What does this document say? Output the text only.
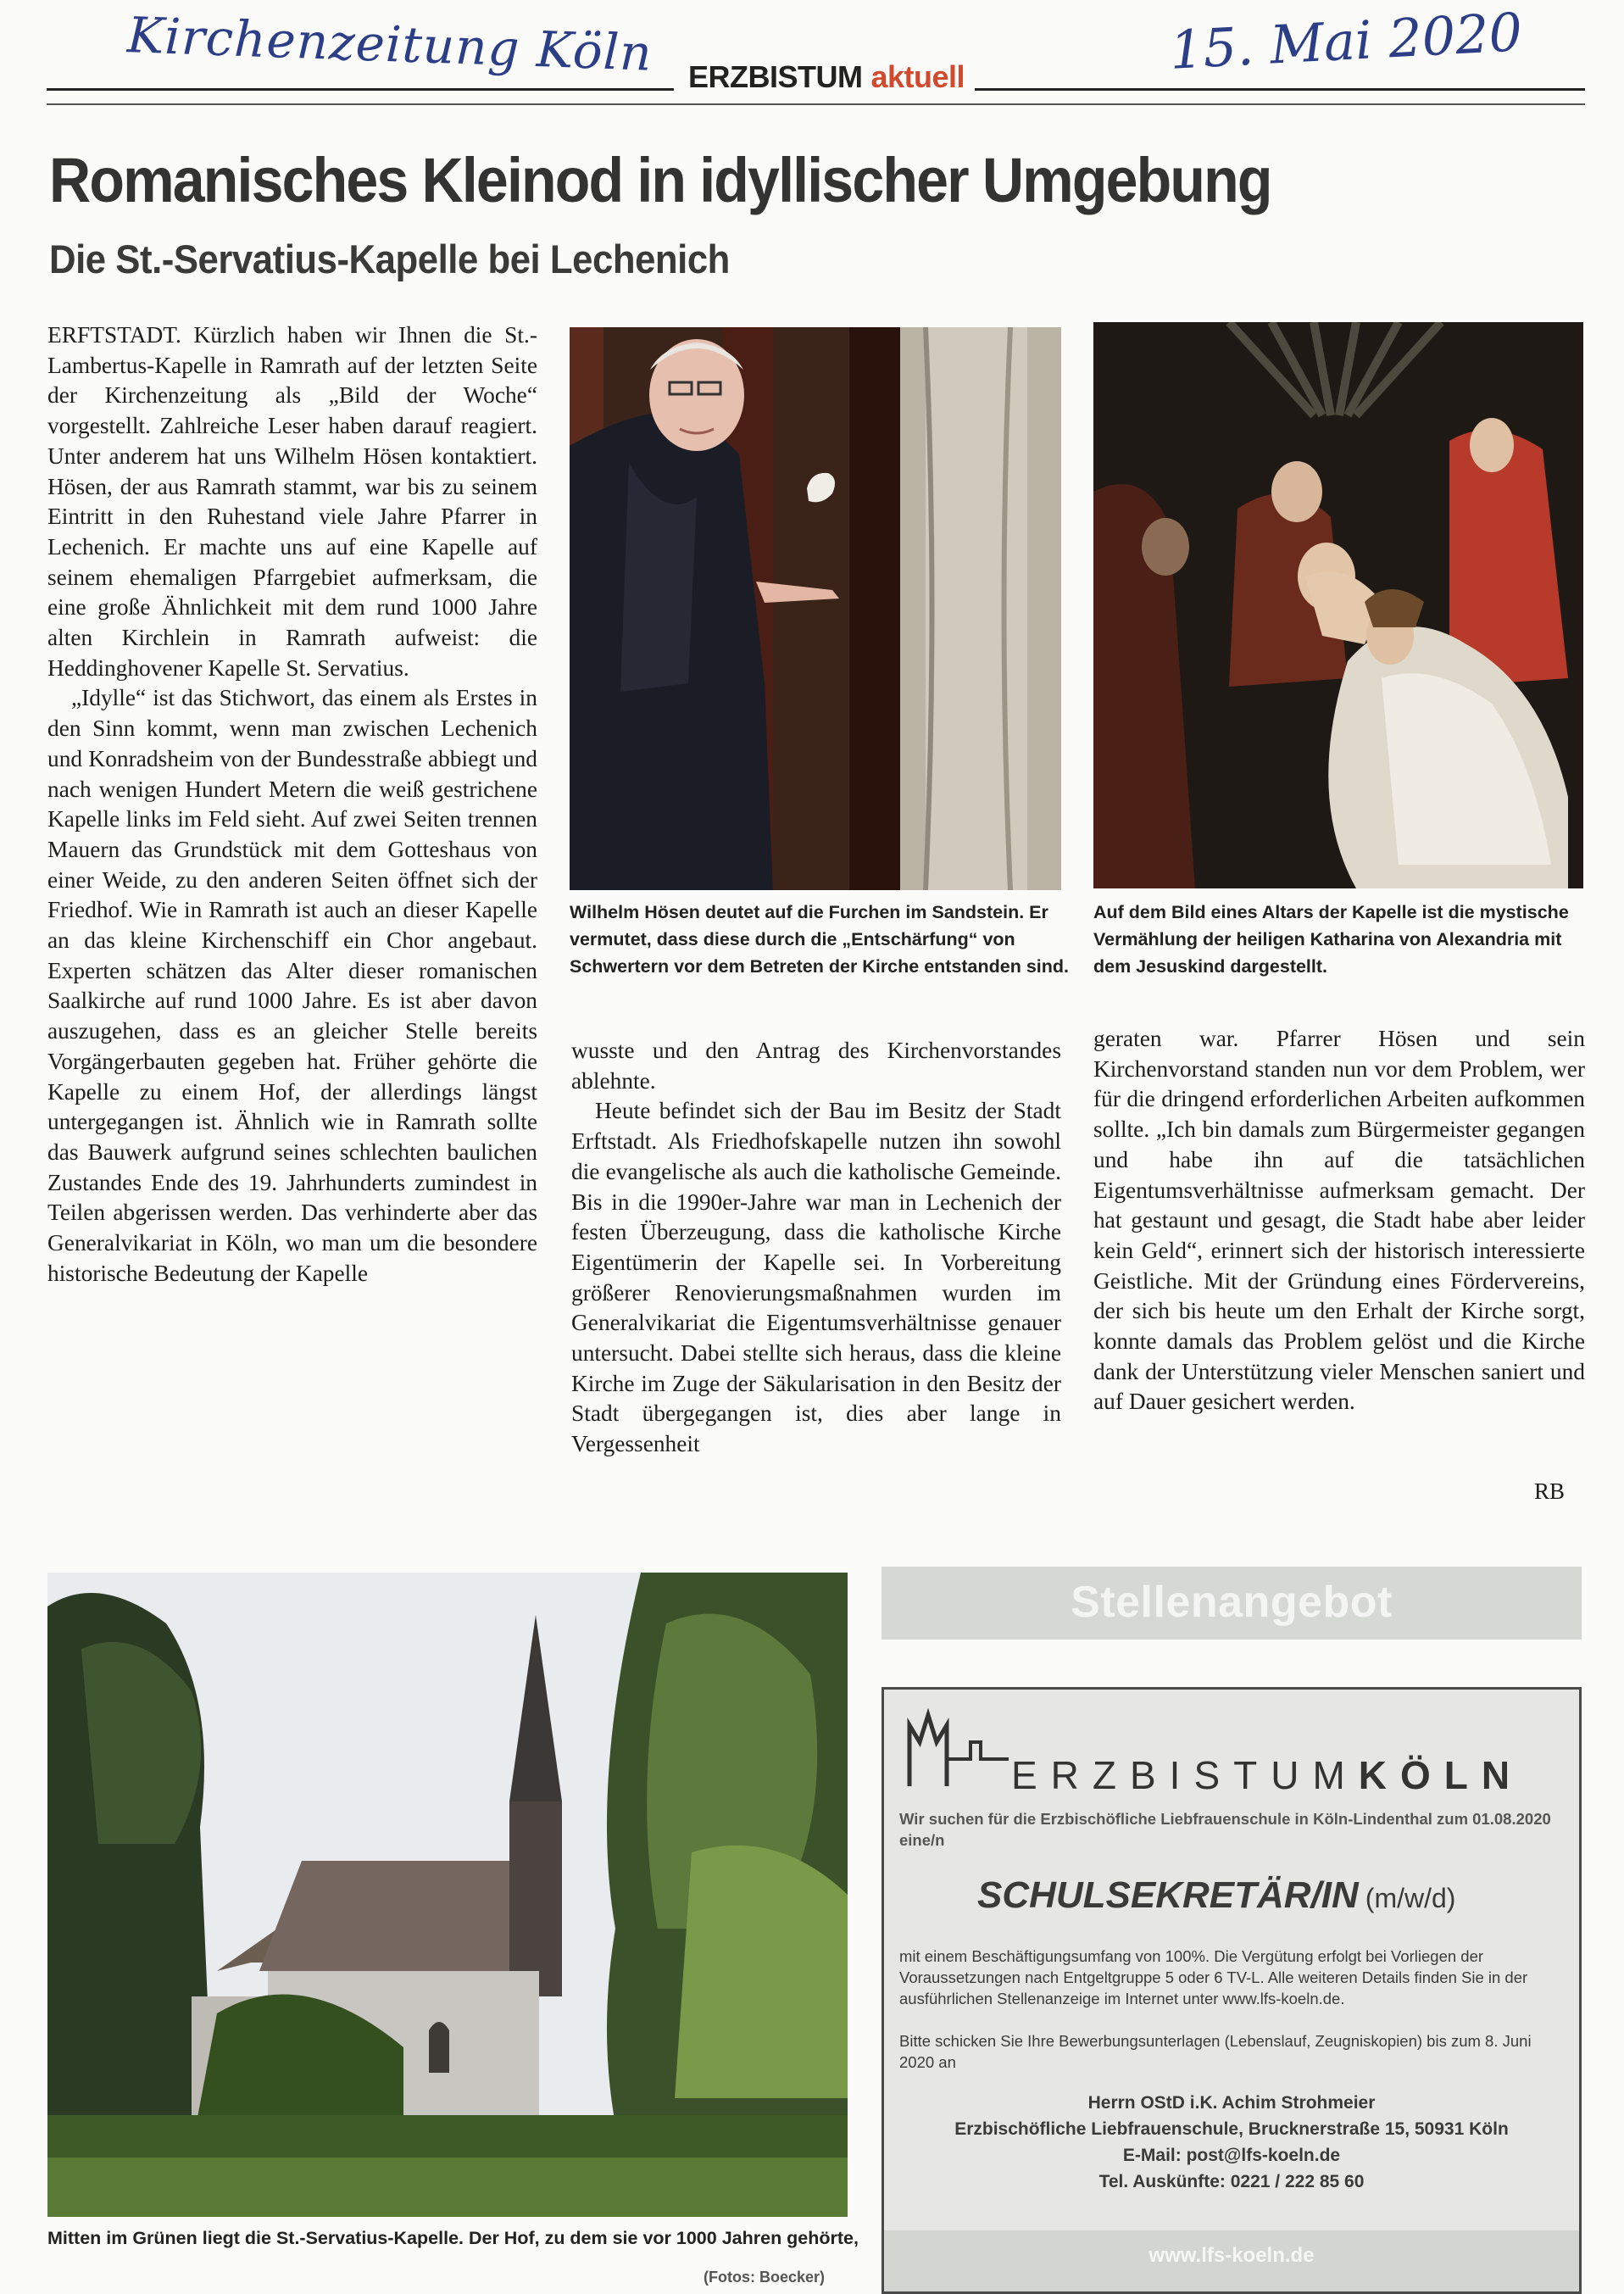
Kirchenzeitung Köln	15. Mai 2020
ERZBISTUM aktuell
Romanisches Kleinod in idyllischer Umgebung
Die St.-Servatius-Kapelle bei Lechenich

ERFTSTADT. Kürzlich haben wir Ihnen die St.-Lambertus-Kapelle in Ramrath auf der letzten Seite der Kirchenzeitung als „Bild der Woche“ vorgestellt. Zahlreiche Leser haben darauf reagiert. Unter anderem hat uns Wilhelm Hösen kontaktiert. Hösen, der aus Ramrath stammt, war bis zu seinem Eintritt in den Ruhestand viele Jahre Pfarrer in Lechenich. Er machte uns auf eine Kapelle auf seinem ehemaligen Pfarrgebiet aufmerksam, die eine große Ähnlichkeit mit dem rund 1000 Jahre alten Kirchlein in Ramrath aufweist: die Heddinghovener Kapelle St. Servatius.

„Idylle“ ist das Stichwort, das einem als Erstes in den Sinn kommt, wenn man zwischen Lechenich und Konradsheim von der Bundesstraße abbiegt und nach wenigen Hundert Metern die weiß gestrichene Kapelle links im Feld sieht. Auf zwei Seiten trennen Mauern das Grundstück mit dem Gotteshaus von einer Weide, zu den anderen Seiten öffnet sich der Friedhof. Wie in Ramrath ist auch an dieser Kapelle an das kleine Kirchenschiff ein Chor angebaut. Experten schätzen das Alter dieser romanischen Saalkirche auf rund 1000 Jahre. Es ist aber davon auszugehen, dass es an gleicher Stelle bereits Vorgängerbauten gegeben hat. Früher gehörte die Kapelle zu einem Hof, der allerdings längst untergegangen ist. Ähnlich wie in Ramrath sollte das Bauwerk aufgrund seines schlechten baulichen Zustandes Ende des 19. Jahrhunderts zumindest in Teilen abgerissen werden. Das verhinderte aber das Generalvikariat in Köln, wo man um die besondere historische Bedeutung der Kapelle

Wilhelm Hösen deutet auf die Furchen im Sandstein. Er vermutet, dass diese durch die „Entschärfung“ von Schwertern vor dem Betreten der Kirche entstanden sind.
Auf dem Bild eines Altars der Kapelle ist die mystische Vermählung der heiligen Katharina von Alexandria mit dem Jesuskind dargestellt.

wusste und den Antrag des Kirchenvorstandes ablehnte.

Heute befindet sich der Bau im Besitz der Stadt Erftstadt. Als Friedhofskapelle nutzen ihn sowohl die evangelische als auch die katholische Gemeinde. Bis in die 1990er-Jahre war man in Lechenich der festen Überzeugung, dass die katholische Kirche Eigentümerin der Kapelle sei. In Vorbereitung größerer Renovierungsmaßnahmen wurden im Generalvikariat die Eigentumsverhältnisse genauer untersucht. Dabei stellte sich heraus, dass die kleine Kirche im Zuge der Säkularisation in den Besitz der Stadt übergegangen ist, dies aber lange in Vergessenheit

geraten war. Pfarrer Hösen und sein Kirchenvorstand standen nun vor dem Problem, wer für die dringend erforderlichen Arbeiten aufkommen sollte. „Ich bin damals zum Bürgermeister gegangen und habe ihn auf die tatsächlichen Eigentumsverhältnisse aufmerksam gemacht. Der hat gestaunt und gesagt, die Stadt habe aber leider kein Geld“, erinnert sich der historisch interessierte Geistliche. Mit der Gründung eines Fördervereins, der sich bis heute um den Erhalt der Kirche sorgt, konnte damals das Problem gelöst und die Kirche dank der Unterstützung vieler Menschen saniert und auf Dauer gesichert werden.

RB
Mitten im Grünen liegt die St.-Servatius-Kapelle. Der Hof, zu dem sie vor 1000 Jahren gehörte,
(Fotos: Boecker)
Stellenangebot
ERZBISTUMKÖLN
Wir suchen für die Erzbischöfliche Liebfrauenschule in Köln-Lindenthal zum 01.08.2020 eine/n
SCHULSEKRETÄR/IN (m/w/d)
mit einem Beschäftigungsumfang von 100%. Die Vergütung erfolgt bei Vorliegen der Voraussetzungen nach Entgeltgruppe 5 oder 6 TV-L. Alle weiteren Details finden Sie in der ausführlichen Stellenanzeige im Internet unter www.lfs-koeln.de.
Bitte schicken Sie Ihre Bewerbungsunterlagen (Lebenslauf, Zeugniskopien) bis zum 8. Juni 2020 an
Herrn OStD i.K. Achim Strohmeier
Erzbischöfliche Liebfrauenschule, Brucknerstraße 15, 50931 Köln
E-Mail: post@lfs-koeln.de
Tel. Auskünfte: 0221 / 222 85 60
www.lfs-koeln.de
